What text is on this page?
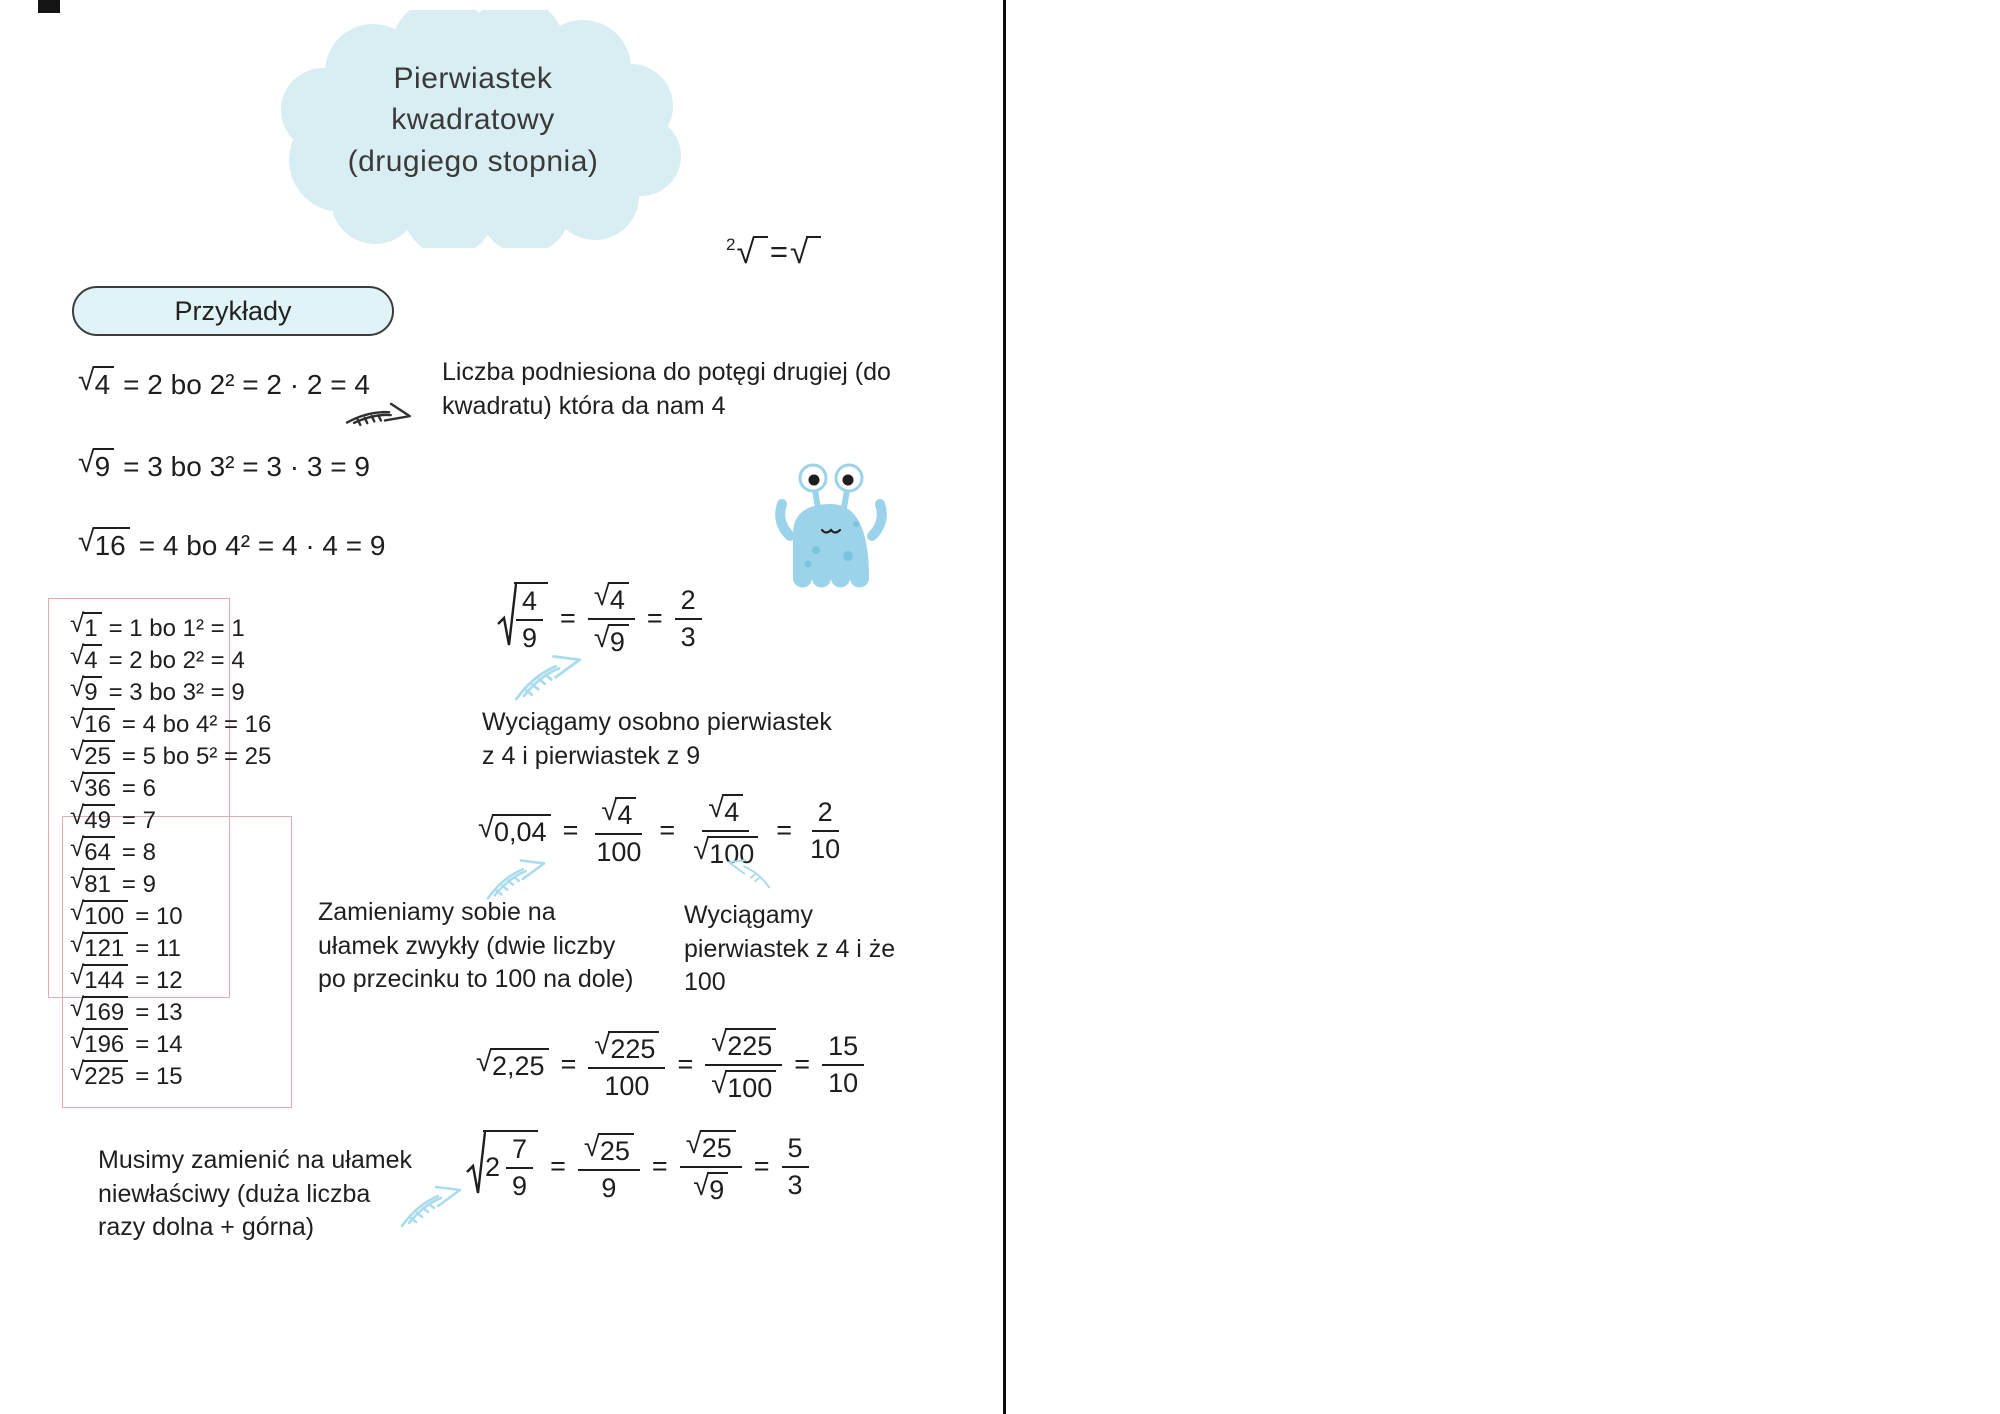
Pierwiastek
kwadratowy
(drugiego stopnia)
2 √ = √
Przykłady
√ 4 = 2 bo 2² = 2 · 2 = 4
√ 9 = 3 bo 3² = 3 · 3 = 9
√ 16 = 4 bo 4² = 4 · 4 = 9
Liczba podniesiona do potęgi drugiej (do
kwadratu) która da nam 4
√ 1 = 1 bo 1² = 1
√ 4 = 2 bo 2² = 4
√ 9 = 3 bo 3² = 9
√ 16 = 4 bo 4² = 16
√ 25 = 5 bo 5² = 25
√ 36 = 6
√ 49 = 7
√ 64 = 8
√ 81 = 9
√ 100 = 10
√ 121 = 11
√ 144 = 12
√ 169 = 13
√ 196 = 14
√ 225 = 15
$\frac{4}{9} = \frac{√ 4}{√ 9} = \frac{2}{3}$
Wyciągamy osobno pierwiastek
z 4 i pierwiastek z 9
√ $0,04 = \frac{√ 4}{100} = \frac{√ 4}{√ 100} = \frac{2}{10}$
Zamieniamy sobie na
ułamek zwykły (dwie liczby
po przecinku to 100 na dole)
Wyciągamy
pierwiastek z 4 i że
100
√ $2,25 = \frac{√ 225}{100} = \frac{√ 225}{√ 100} = \frac{15}{10}$
Musimy zamienić na ułamek
niewłaściwy (duża liczba
razy dolna + górna)
$2 \frac{7}{9} = \frac{√ 25}{9} = \frac{√ 25}{√ 9} = \frac{5}{3}$
